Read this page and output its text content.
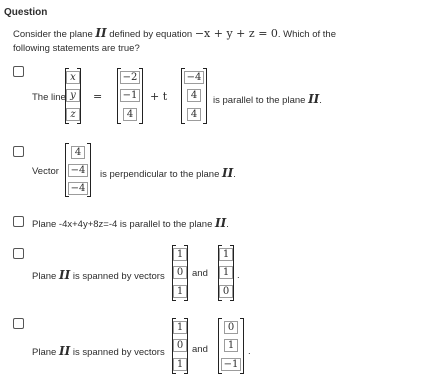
Question
Consider the plane II defined by equation −x + y + z = 0. Which of the following statements are true?
The line
x
y
z
=
−2
−1
4
+ t
−4
4
4
is parallel to the plane II.
Vector
4
−4
−4
is perpendicular to the plane II.
Plane -4x+4y+8z=-4 is parallel to the plane II.
Plane II is spanned by vectors
1
0
1
and
1
1
0
.
Plane II is spanned by vectors
1
0
1
and
0
1
−1
.
